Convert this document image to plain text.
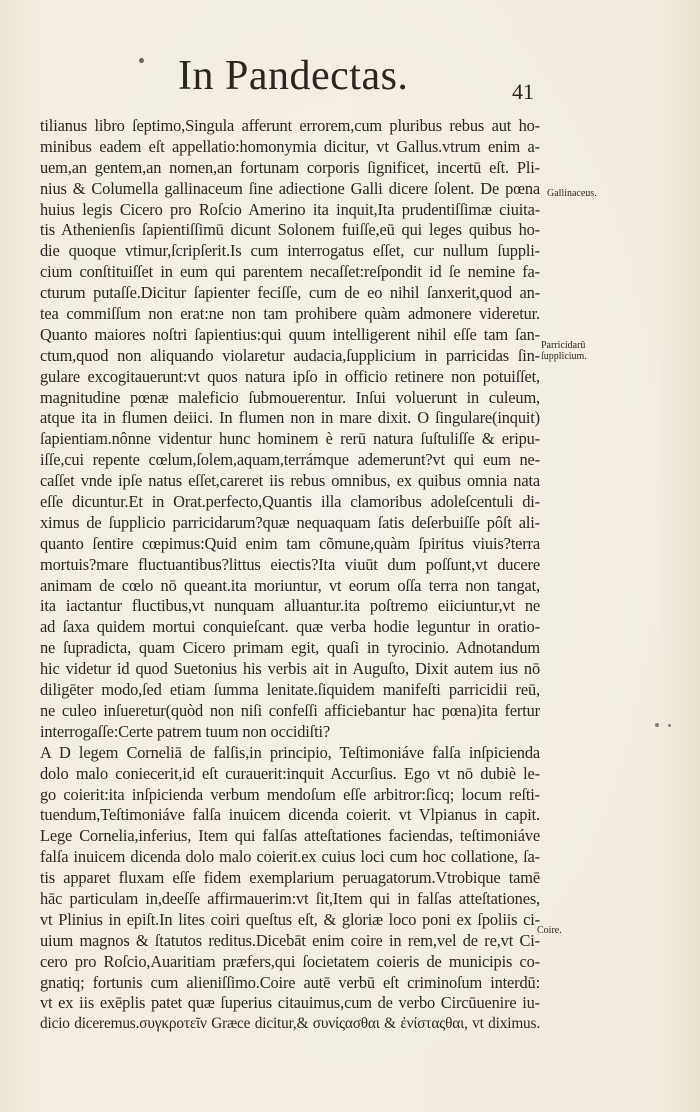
In Pandectas.	41
tilianus libro ſeptimo,Singula afferunt errorem,cum pluribus rebus aut ho-
minibus eadem eſt appellatio:homonymia dicitur, vt Gallus.vtrum enim a-
uem,an gentem,an nomen,an fortunam corporis ſignificet, incertū eſt. Pli-
nius & Columella gallinaceum ſine adiectione Galli dicere ſolent. De pœna
huius legis Cicero pro Roſcio Amerino ita inquit,Ita prudentiſſimæ ciuita-
tis Athenienſis ſapientiſſimū dicunt Solonem fuiſſe,eū qui leges quibus ho-
die quoque vtimur,ſcripſerit.Is cum interrogatus eſſet, cur nullum ſuppli-
cium conſtituiſſet in eum qui parentem necaſſet:reſpondit id ſe nemine fa-
cturum putaſſe.Dicitur ſapienter feciſſe, cum de eo nihil ſanxerit,quod an-
tea commiſſum non erat:ne non tam prohibere quàm admonere videretur.
Quanto maiores noſtri ſapientius:qui quum intelligerent nihil eſſe tam ſan-
ctum,quod non aliquando violaretur audacia,ſupplicium in parricidas ſin-
gulare excogitauerunt:vt quos natura ipſo in officio retinere non potuiſſet,
magnitudine pœnæ maleficio ſubmouerentur. Inſui voluerunt in culeum,
atque ita in flumen deiici. In flumen non in mare dixit. O ſingulare(inquit)
ſapientiam.nônne videntur hunc hominem è rerū natura ſuſtuliſſe & eripu-
iſſe,cui repente cœlum,ſolem,aquam,terrámque ademerunt?vt qui eum ne-
caſſet vnde ipſe natus eſſet,careret iis rebus omnibus, ex quibus omnia nata
eſſe dicuntur.Et in Orat.perfecto,Quantis illa clamoribus adoleſcentuli di-
ximus de ſupplicio parricidarum?quæ nequaquam ſatis deſerbuiſſe pôſt ali-
quanto ſentire cœpimus:Quid enim tam cõmune,quàm ſpiritus viuis?terra
mortuis?mare fluctuantibus?littus eiectis?Ita viuūt dum poſſunt,vt ducere
animam de cœlo nō queant.ita moriuntur, vt eorum oſſa terra non tangat,
ita iactantur fluctibus,vt nunquam alluantur.ita poſtremo eiiciuntur,vt ne
ad ſaxa quidem mortui conquieſcant. quæ verba hodie leguntur in oratio-
ne ſupradicta, quam Cicero primam egit, quaſi in tyrocinio. Adnotandum
hic videtur id quod Suetonius his verbis ait in Auguſto, Dixit autem ius nō
diligēter modo,ſed etiam ſumma lenitate.ſiquidem manifeſti parricidii reū,
ne culeo inſueretur(quòd non niſi confeſſi afficiebantur hac pœna)ita fertur
interrogaſſe:Certe patrem tuum non occidiſti?
A D legem Corneliā de falſis,in principio, Teſtimoniáve falſa inſpicienda
dolo malo coniecerit,id eſt curauerit:inquit Accurſius. Ego vt nō dubiè le-
go coierit:ita inſpicienda verbum mendoſum eſſe arbitror:ſicq; locum reſti-
tuendum,Teſtimoniáve falſa inuicem dicenda coierit. vt Vlpianus in capit.
Lege Cornelia,inferius, Item qui falſas atteſtationes faciendas, teſtimoniáve
falſa inuicem dicenda dolo malo coierit.ex cuius loci cum hoc collatione, ſa-
tis apparet fluxam eſſe fidem exemplarium peruagatorum.Vtrobique tamē
hāc particulam in,deeſſe affirmauerim:vt ſit,Item qui in falſas atteſtationes,
vt Plinius in epiſt.In lites coiri queſtus eſt, & gloriæ loco poni ex ſpoliis ci-
uium magnos & ſtatutos reditus.Dicebāt enim coire in rem,vel de re,vt Ci-
cero pro Roſcio,Auaritiam præfers,qui ſocietatem coieris de municipis co-
gnatiq; fortunis cum alieniſſimo.Coire autē verbū eſt criminoſum interdū:
vt ex iis exēplis patet quæ ſuperius citauimus,cum de verbo Circūuenire iu-
dicio diceremus.συγκροτεῖν Græce dicitur,& συνίςασθαι & ἐνίσταςθαι, vt diximus.
Gallinaceus.
Parricidarū
ſupplicium.
Coire.
